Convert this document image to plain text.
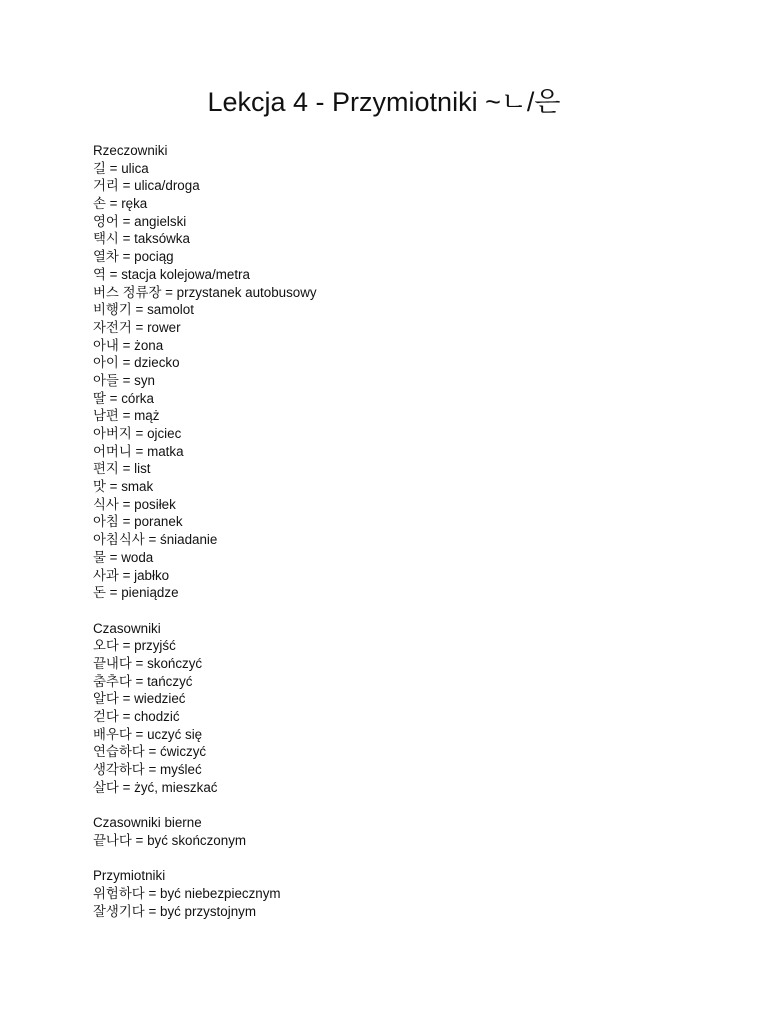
Lekcja 4 - Przymiotniki ~ㄴ/은
Rzeczowniki
길 = ulica
거리 = ulica/droga
손 = ręka
영어 = angielski
택시 = taksówka
열차 = pociąg
역 = stacja kolejowa/metra
버스 정류장 = przystanek autobusowy
비행기 = samolot
자전거 = rower
아내 = żona
아이 = dziecko
아들 = syn
딸 = córka
남편 = mąż
아버지 = ojciec
어머니 = matka
편지 = list
맛 = smak
식사 = posiłek
아침 = poranek
아침식사 = śniadanie
물 = woda
사과 = jabłko
돈 = pieniądze
Czasowniki
오다 = przyjść
끝내다 = skończyć
춤추다 = tańczyć
알다 = wiedzieć
걷다 = chodzić
배우다 = uczyć się
연습하다 = ćwiczyć
생각하다 = myśleć
살다 = żyć, mieszkać
Czasowniki bierne
끝나다 = być skończonym
Przymiotniki
위험하다 = być niebezpiecznym
잘생기다 = być przystojnym
